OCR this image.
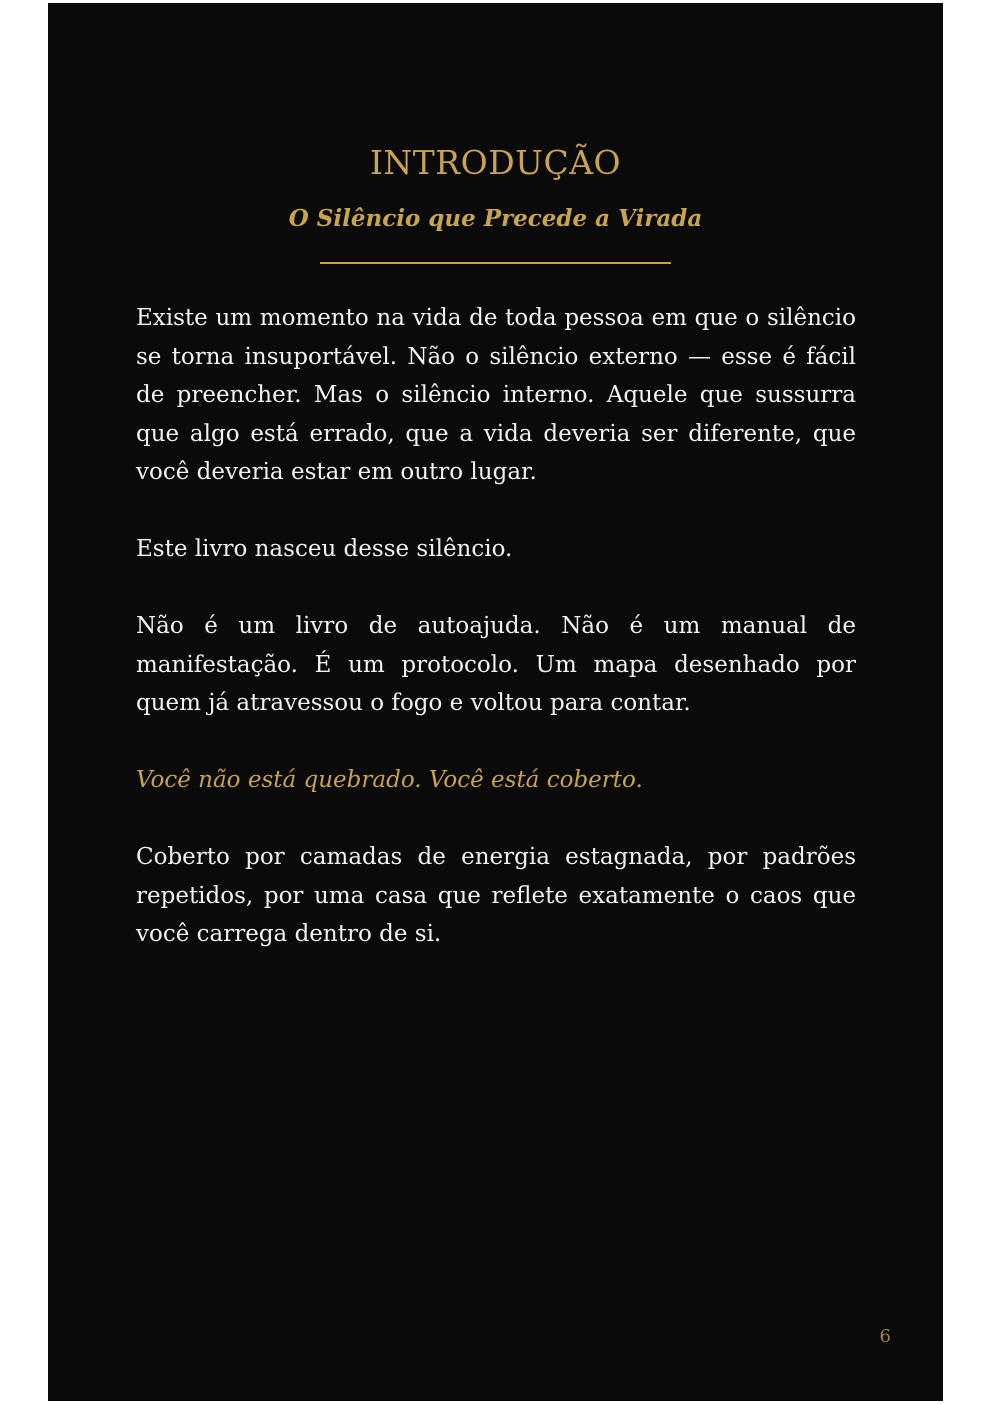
INTRODUÇÃO
O Silêncio que Precede a Virada

Existe um momento na vida de toda pessoa em que o silêncio se torna insuportável. Não o silêncio externo — esse é fácil de preencher. Mas o silêncio interno. Aquele que sussurra que algo está errado, que a vida deveria ser diferente, que você deveria estar em outro lugar.

Este livro nasceu desse silêncio.

Não é um livro de autoajuda. Não é um manual de manifestação. É um protocolo. Um mapa desenhado por quem já atravessou o fogo e voltou para contar.

Você não está quebrado. Você está coberto.

Coberto por camadas de energia estagnada, por padrões repetidos, por uma casa que reflete exatamente o caos que você carrega dentro de si.

6
